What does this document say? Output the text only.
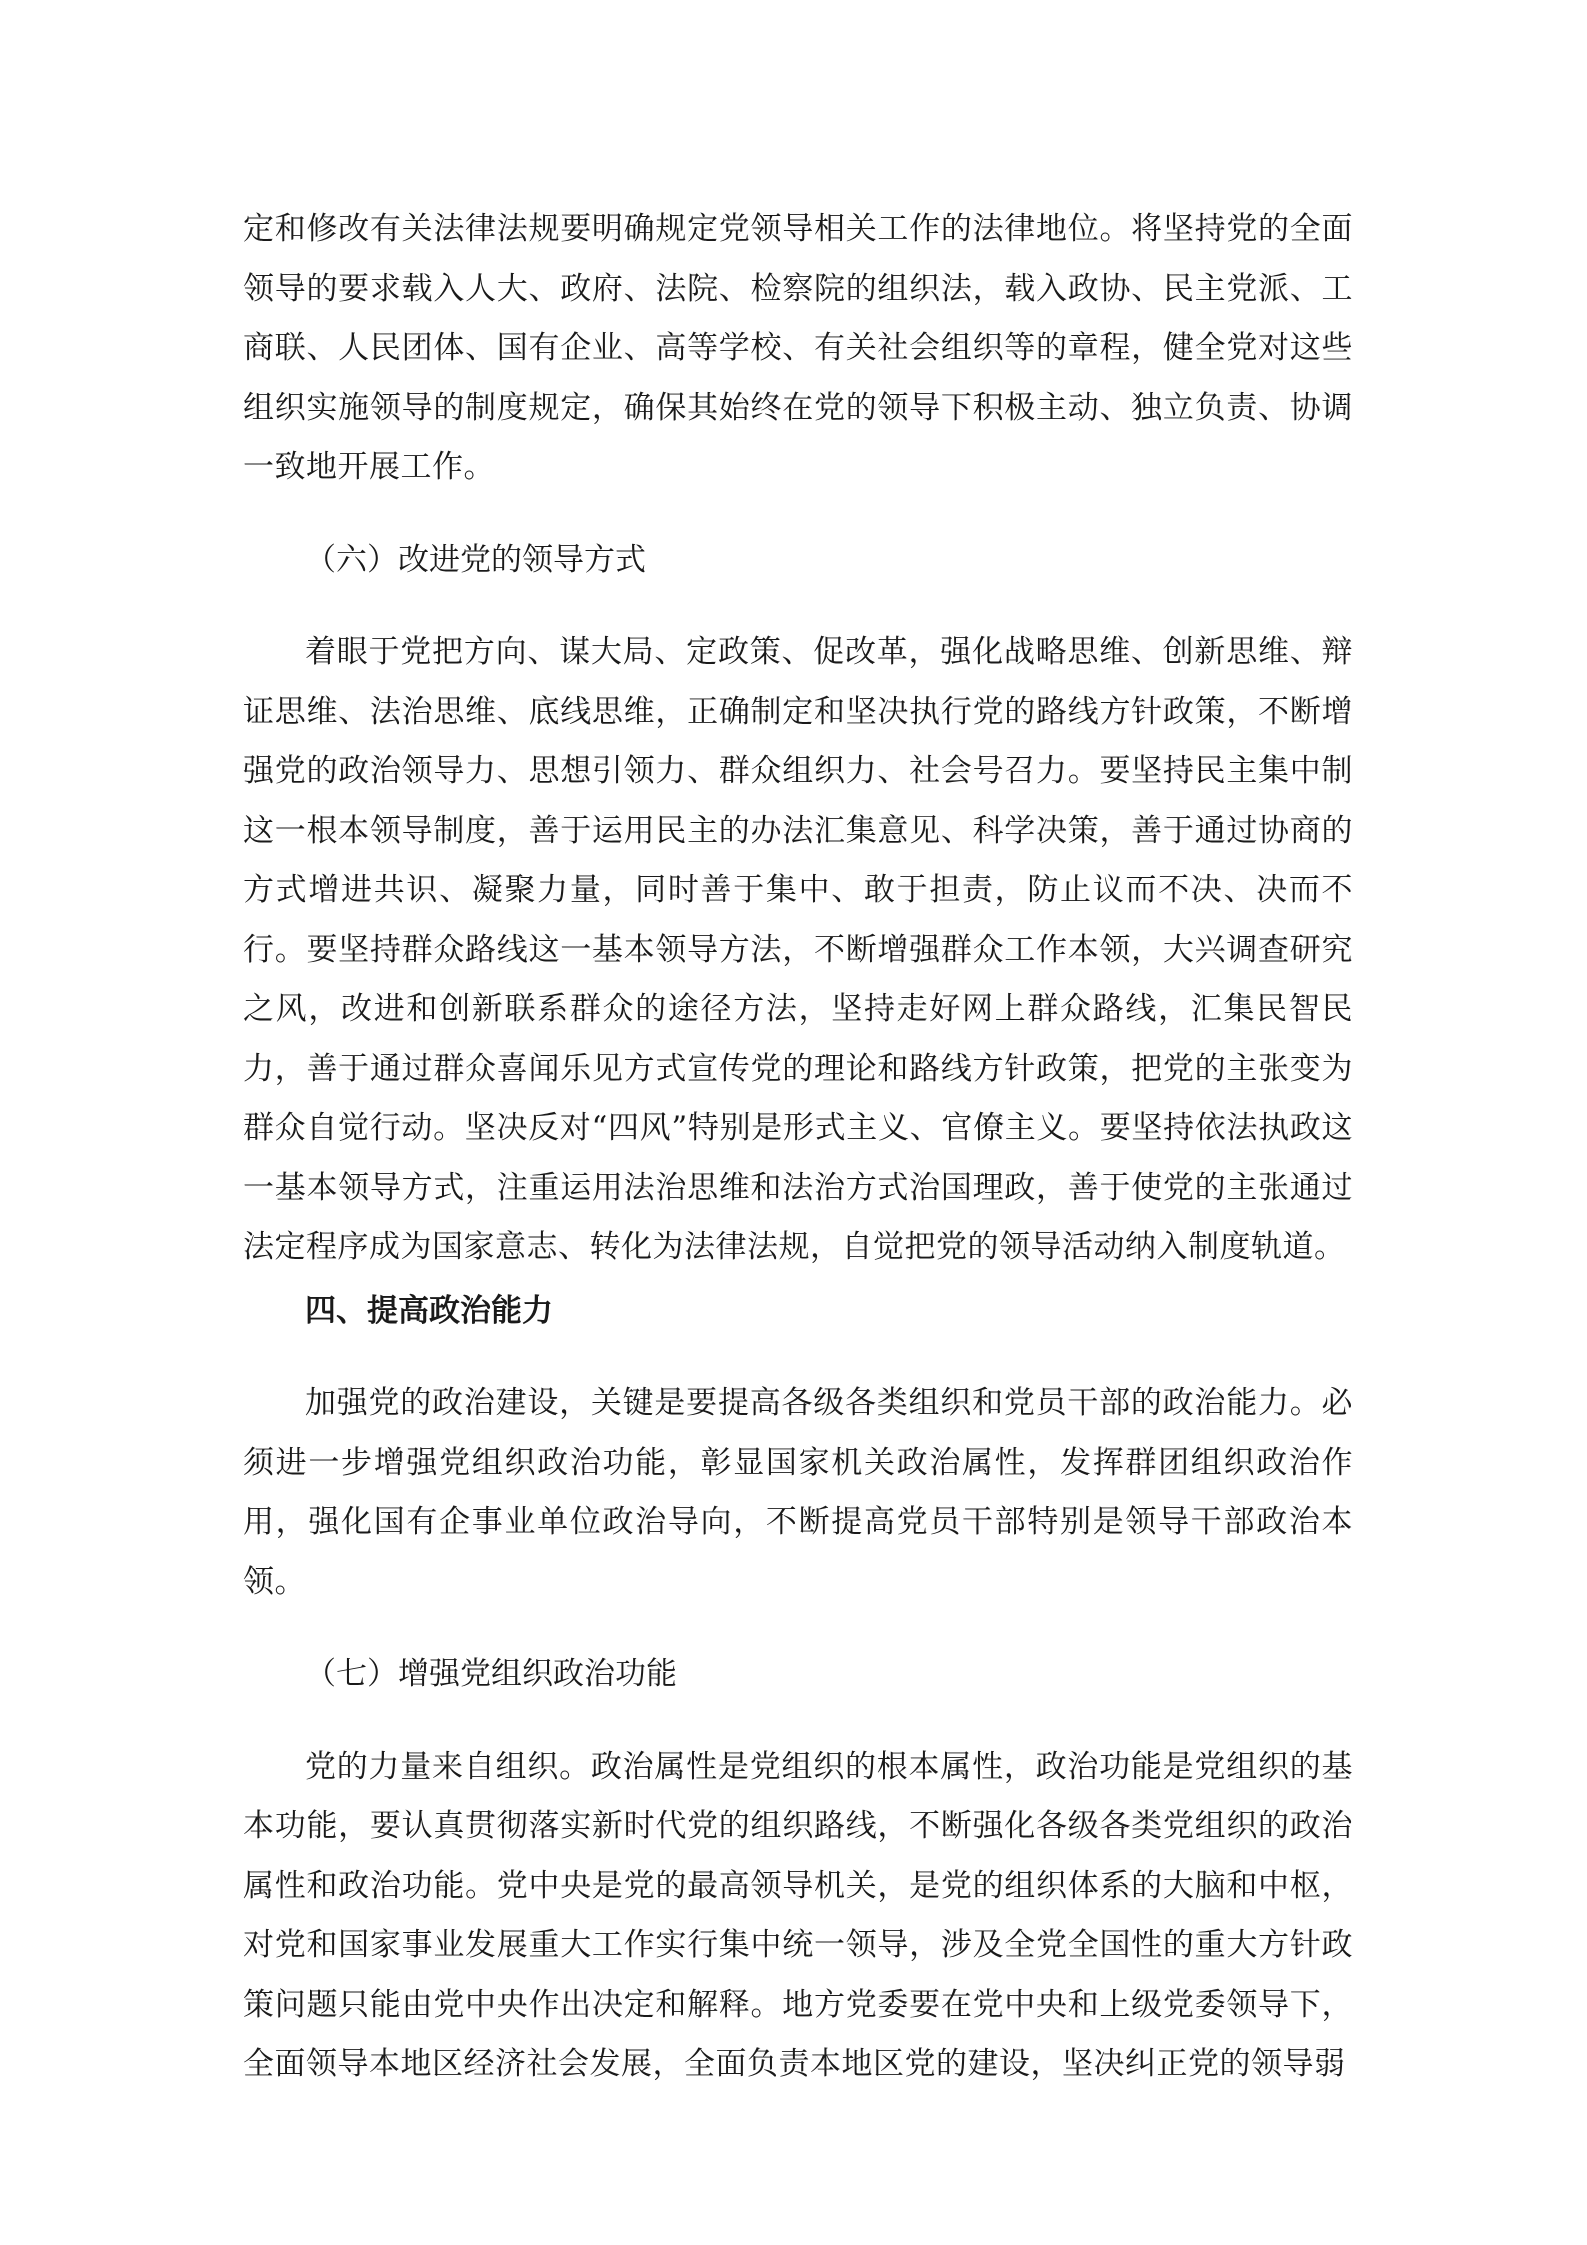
定和修改有关法律法规要明确规定党领导相关工作的法律地位。将坚持党的全面领导的要求载入人大、政府、法院、检察院的组织法，载入政协、民主党派、工商联、人民团体、国有企业、高等学校、有关社会组织等的章程，健全党对这些组织实施领导的制度规定，确保其始终在党的领导下积极主动、独立负责、协调一致地开展工作。

（六）改进党的领导方式

着眼于党把方向、谋大局、定政策、促改革，强化战略思维、创新思维、辩证思维、法治思维、底线思维，正确制定和坚决执行党的路线方针政策，不断增强党的政治领导力、思想引领力、群众组织力、社会号召力。要坚持民主集中制这一根本领导制度，善于运用民主的办法汇集意见、科学决策，善于通过协商的方式增进共识、凝聚力量，同时善于集中、敢于担责，防止议而不决、决而不行。要坚持群众路线这一基本领导方法，不断增强群众工作本领，大兴调查研究之风，改进和创新联系群众的途径方法，坚持走好网上群众路线，汇集民智民力，善于通过群众喜闻乐见方式宣传党的理论和路线方针政策，把党的主张变为群众自觉行动。坚决反对“四风”特别是形式主义、官僚主义。要坚持依法执政这一基本领导方式，注重运用法治思维和法治方式治国理政，善于使党的主张通过法定程序成为国家意志、转化为法律法规，自觉把党的领导活动纳入制度轨道。

四、提高政治能力

加强党的政治建设，关键是要提高各级各类组织和党员干部的政治能力。必须进一步增强党组织政治功能，彰显国家机关政治属性，发挥群团组织政治作用，强化国有企事业单位政治导向，不断提高党员干部特别是领导干部政治本领。

（七）增强党组织政治功能

党的力量来自组织。政治属性是党组织的根本属性，政治功能是党组织的基本功能，要认真贯彻落实新时代党的组织路线，不断强化各级各类党组织的政治属性和政治功能。党中央是党的最高领导机关，是党的组织体系的大脑和中枢，对党和国家事业发展重大工作实行集中统一领导，涉及全党全国性的重大方针政策问题只能由党中央作出决定和解释。地方党委要在党中央和上级党委领导下，全面领导本地区经济社会发展，全面负责本地区党的建设，坚决纠正党的领导弱
